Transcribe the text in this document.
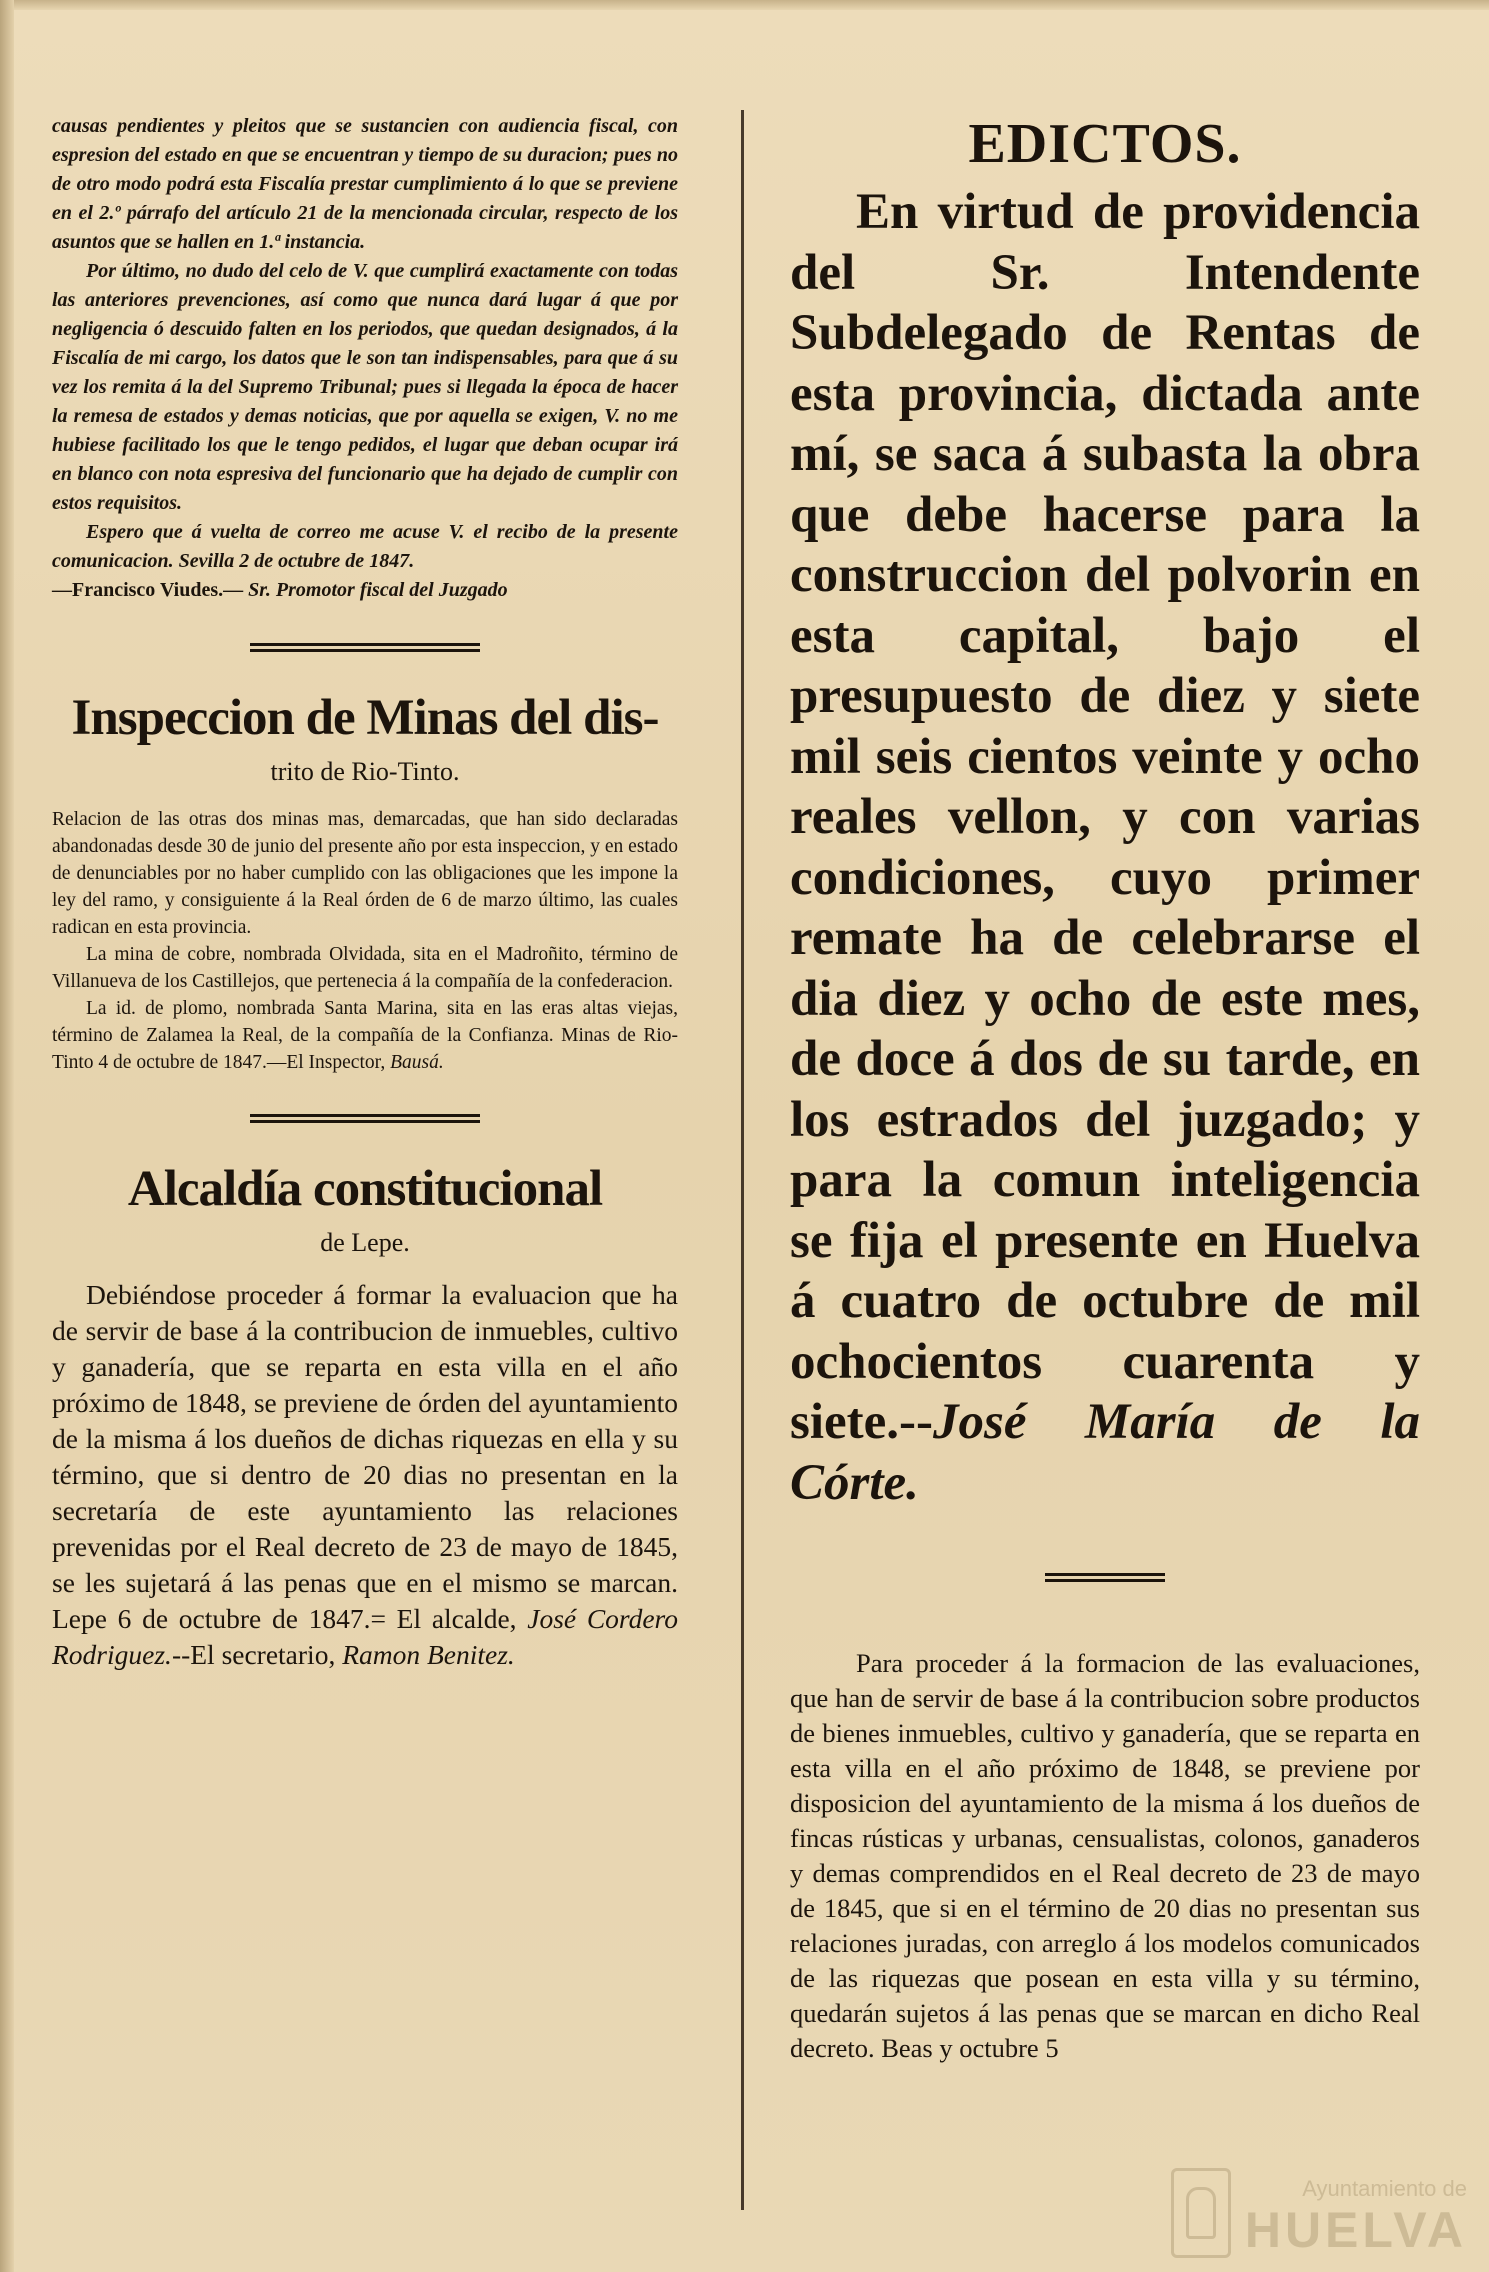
causas pendientes y pleitos que se sustancien con audiencia fiscal, con espresion del estado en que se encuentran y tiempo de su duracion; pues no de otro modo podrá esta Fiscalía prestar cumplimiento á lo que se previene en el 2.º párrafo del artículo 21 de la mencionada circular, respecto de los asuntos que se hallen en 1.ª instancia.

Por último, no dudo del celo de V. que cumplirá exactamente con todas las anteriores prevenciones, así como que nunca dará lugar á que por negligencia ó descuido falten en los periodos, que quedan designados, á la Fiscalía de mi cargo, los datos que le son tan indispensables, para que á su vez los remita á la del Supremo Tribunal; pues si llegada la época de hacer la remesa de estados y demas noticias, que por aquella se exigen, V. no me hubiese facilitado los que le tengo pedidos, el lugar que deban ocupar irá en blanco con nota espresiva del funcionario que ha dejado de cumplir con estos requisitos.

Espero que á vuelta de correo me acuse V. el recibo de la presente comunicacion. Sevilla 2 de octubre de 1847.

—Francisco Viudes.— Sr. Promotor fiscal del Juzgado

Inspeccion de Minas del dis-
trito de Rio-Tinto.

Relacion de las otras dos minas mas, demarcadas, que han sido declaradas abandonadas desde 30 de junio del presente año por esta inspeccion, y en estado de denunciables por no haber cumplido con las obligaciones que les impone la ley del ramo, y consiguiente á la Real órden de 6 de marzo último, las cuales radican en esta provincia.

La mina de cobre, nombrada Olvidada, sita en el Madroñito, término de Villanueva de los Castillejos, que pertenecia á la compañía de la confederacion.

La id. de plomo, nombrada Santa Marina, sita en las eras altas viejas, término de Zalamea la Real, de la compañía de la Confianza. Minas de Rio-Tinto 4 de octubre de 1847.—El Inspector, Bausá.

Alcaldía constitucional
de Lepe.

Debiéndose proceder á formar la evaluacion que ha de servir de base á la contribucion de inmuebles, cultivo y ganadería, que se reparta en esta villa en el año próximo de 1848, se previene de órden del ayuntamiento de la misma á los dueños de dichas riquezas en ella y su término, que si dentro de 20 dias no presentan en la secretaría de este ayuntamiento las relaciones prevenidas por el Real decreto de 23 de mayo de 1845, se les sujetará á las penas que en el mismo se marcan. Lepe 6 de octubre de 1847.= El alcalde, José Cordero Rodriguez.--El secretario, Ramon Benitez.

EDICTOS.

En virtud de providencia del Sr. Intendente Subdelegado de Rentas de esta provincia, dictada ante mí, se saca á subasta la obra que debe hacerse para la construccion del polvorin en esta capital, bajo el presupuesto de diez y siete mil seis cientos veinte y ocho reales vellon, y con varias condiciones, cuyo primer remate ha de celebrarse el dia diez y ocho de este mes, de doce á dos de su tarde, en los estrados del juzgado; y para la comun inteligencia se fija el presente en Huelva á cuatro de octubre de mil ochocientos cuarenta y siete.--José María de la Córte.

Para proceder á la formacion de las evaluaciones, que han de servir de base á la contribucion sobre productos de bienes inmuebles, cultivo y ganadería, que se reparta en esta villa en el año próximo de 1848, se previene por disposicion del ayuntamiento de la misma á los dueños de fincas rústicas y urbanas, censualistas, colonos, ganaderos y demas comprendidos en el Real decreto de 23 de mayo de 1845, que si en el término de 20 dias no presentan sus relaciones juradas, con arreglo á los modelos comunicados de las riquezas que posean en esta villa y su término, quedarán sujetos á las penas que se marcan en dicho Real decreto. Beas y octubre 5

Ayuntamiento de
HUELVA
